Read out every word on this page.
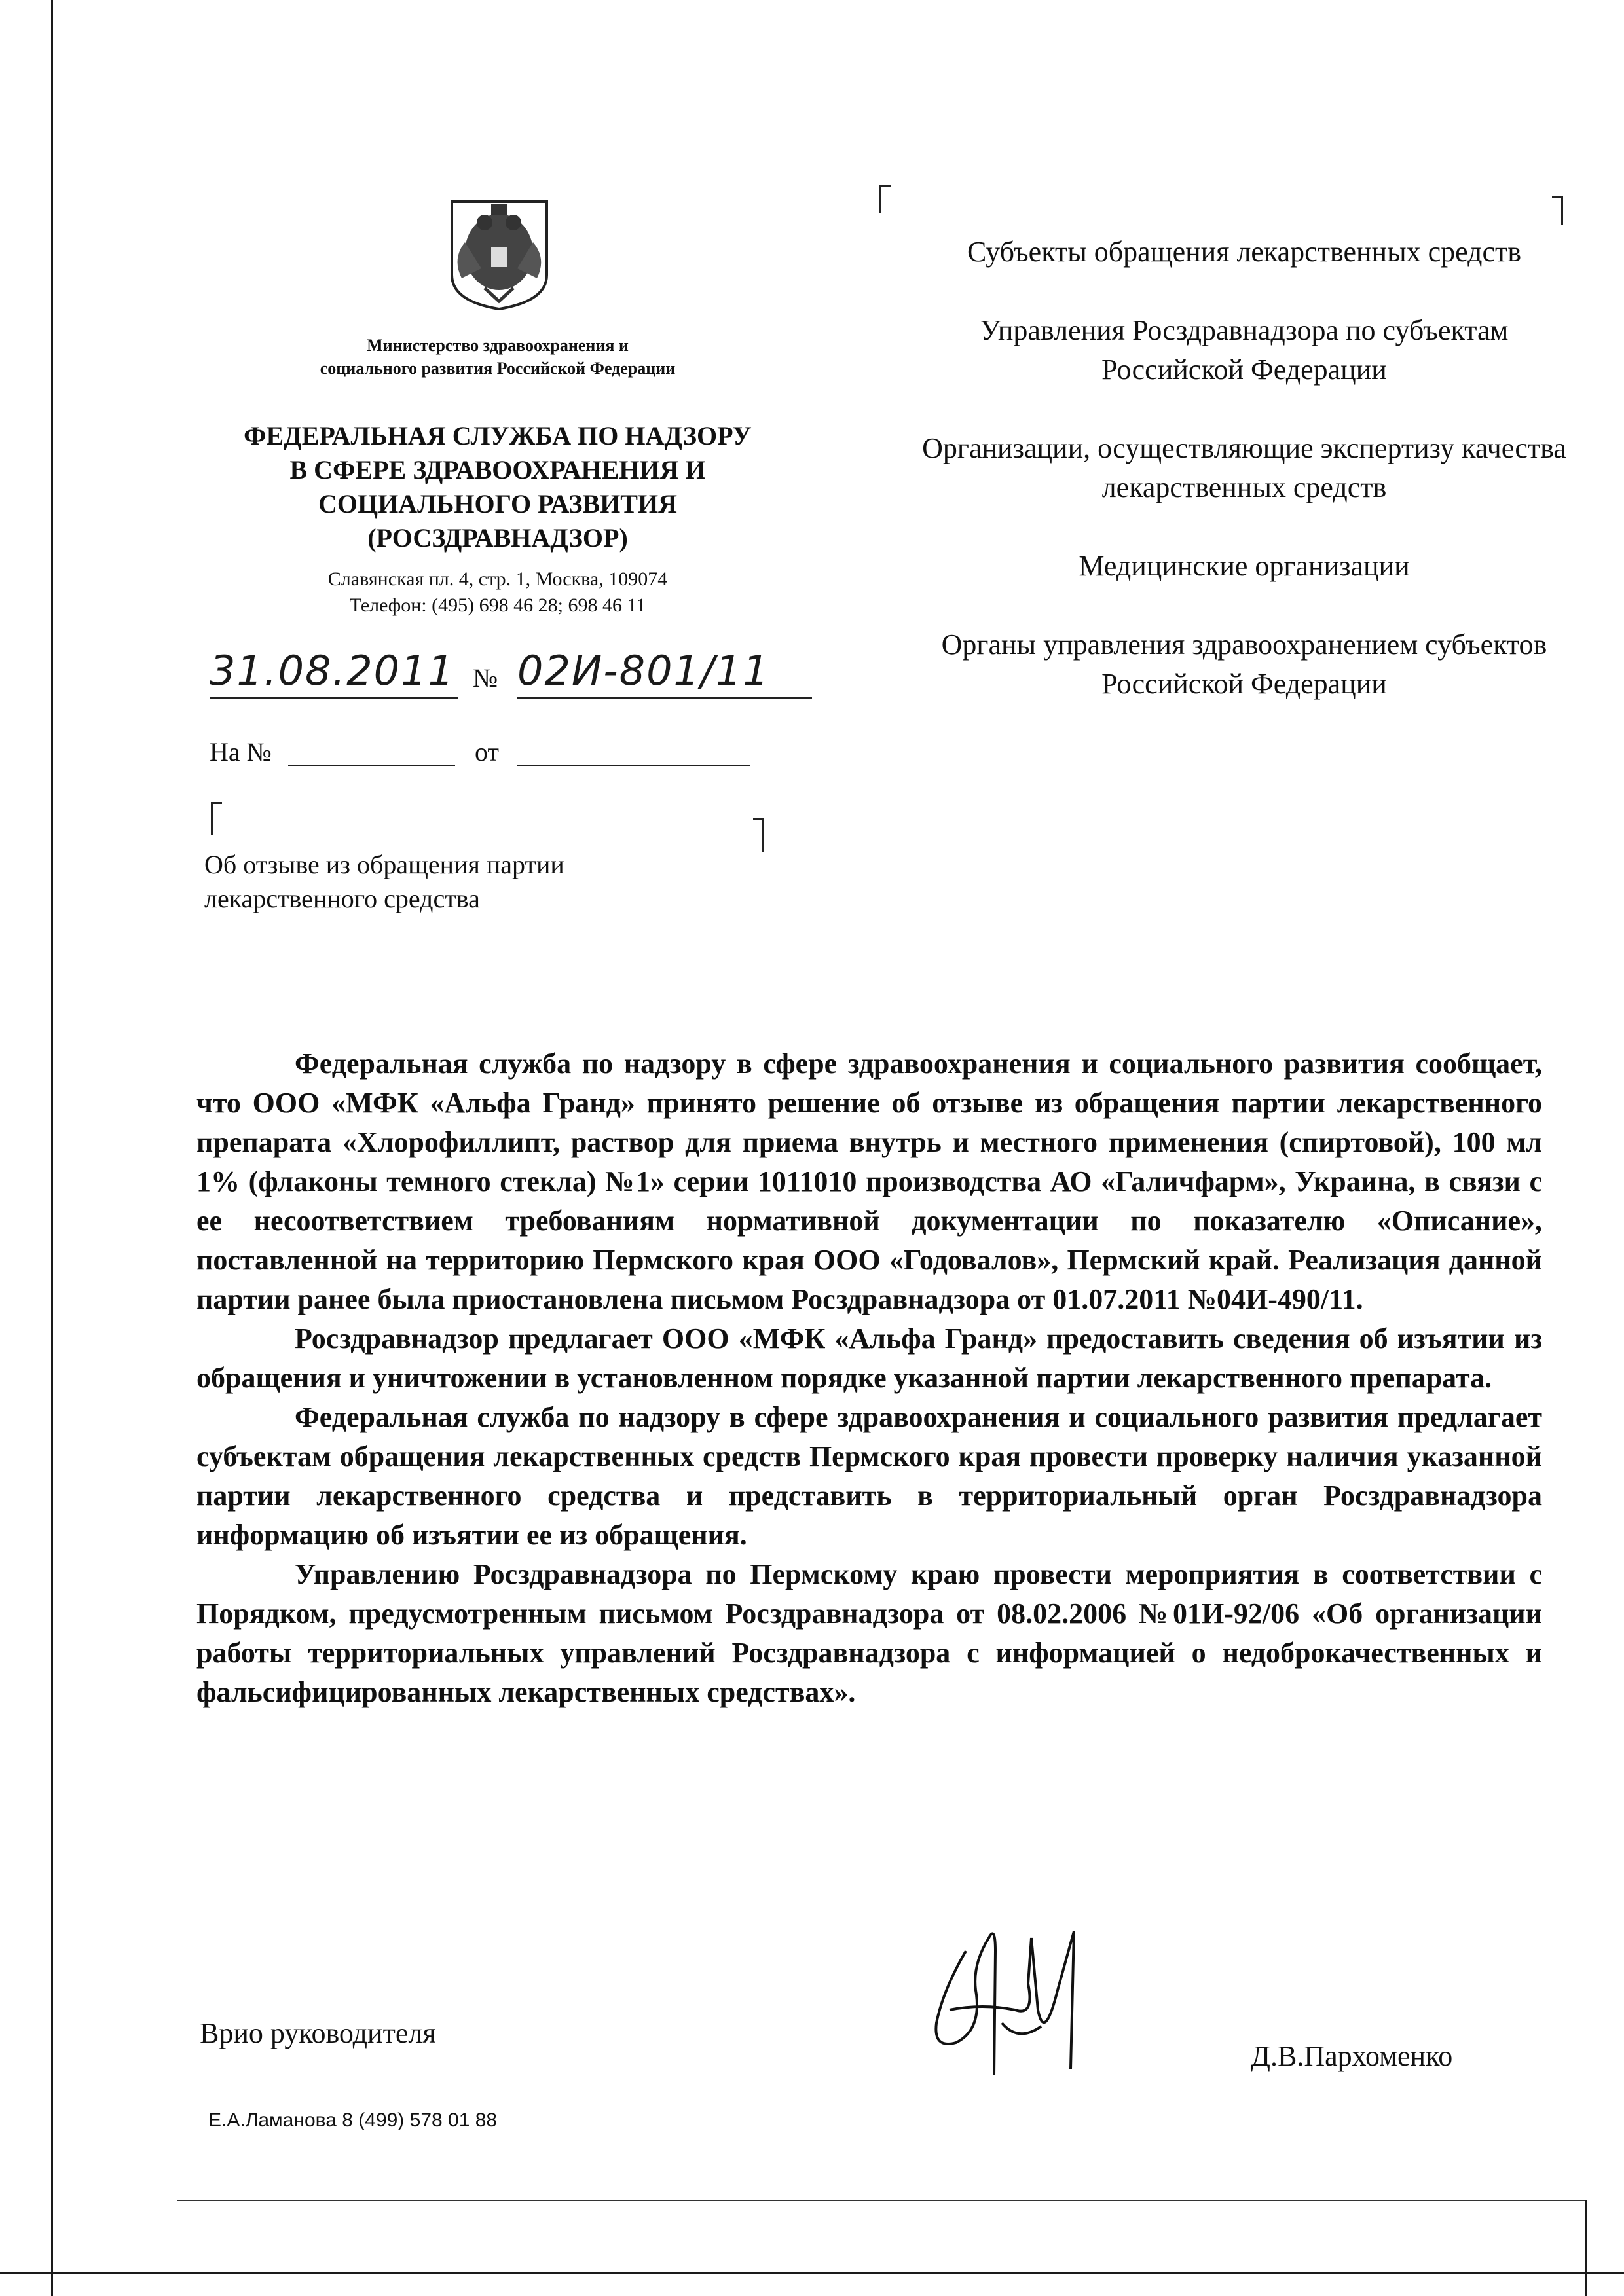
Министерство здравоохранения и
социального развития Российской Федерации
ФЕДЕРАЛЬНАЯ СЛУЖБА ПО НАДЗОРУ
В СФЕРЕ ЗДРАВООХРАНЕНИЯ И
СОЦИАЛЬНОГО РАЗВИТИЯ
(РОСЗДРАВНАДЗОР)
Славянская пл. 4, стр. 1, Москва, 109074
Телефон: (495) 698 46 28; 698 46 11
31.08.2011 № 02И-801/11
На №	от
Об отзыве из обращения партии
лекарственного средства

Субъекты обращения лекарственных средств

Управления Росздравнадзора по субъектам Российской Федерации

Организации, осуществляющие экспертизу качества лекарственных средств

Медицинские организации

Органы управления здравоохранением субъектов Российской Федерации

Федеральная служба по надзору в сфере здравоохранения и социального развития сообщает, что ООО «МФК «Альфа Гранд» принято решение об отзыве из обращения партии лекарственного препарата «Хлорофиллипт, раствор для приема внутрь и местного применения (спиртовой), 100 мл 1% (флаконы темного стекла) №1» серии 1011010 производства АО «Галичфарм», Украина, в связи с ее несоответствием требованиям нормативной документации по показателю «Описание», поставленной на территорию Пермского края ООО «Годовалов», Пермский край. Реализация данной партии ранее была приостановлена письмом Росздравнадзора от 01.07.2011 №04И-490/11.

Росздравнадзор предлагает ООО «МФК «Альфа Гранд» предоставить сведения об изъятии из обращения и уничтожении в установленном порядке указанной партии лекарственного препарата.

Федеральная служба по надзору в сфере здравоохранения и социального развития предлагает субъектам обращения лекарственных средств Пермского края провести проверку наличия указанной партии лекарственного средства и представить в территориальный орган Росздравнадзора информацию об изъятии ее из обращения.

Управлению Росздравнадзора по Пермскому краю провести мероприятия в соответствии с Порядком, предусмотренным письмом Росздравнадзора от 08.02.2006 №01И-92/06 «Об организации работы территориальных управлений Росздравнадзора с информацией о недоброкачественных и фальсифицированных лекарственных средствах».

Врио руководителя
Д.В.Пархоменко
Е.А.Ламанова 8 (499) 578 01 88
